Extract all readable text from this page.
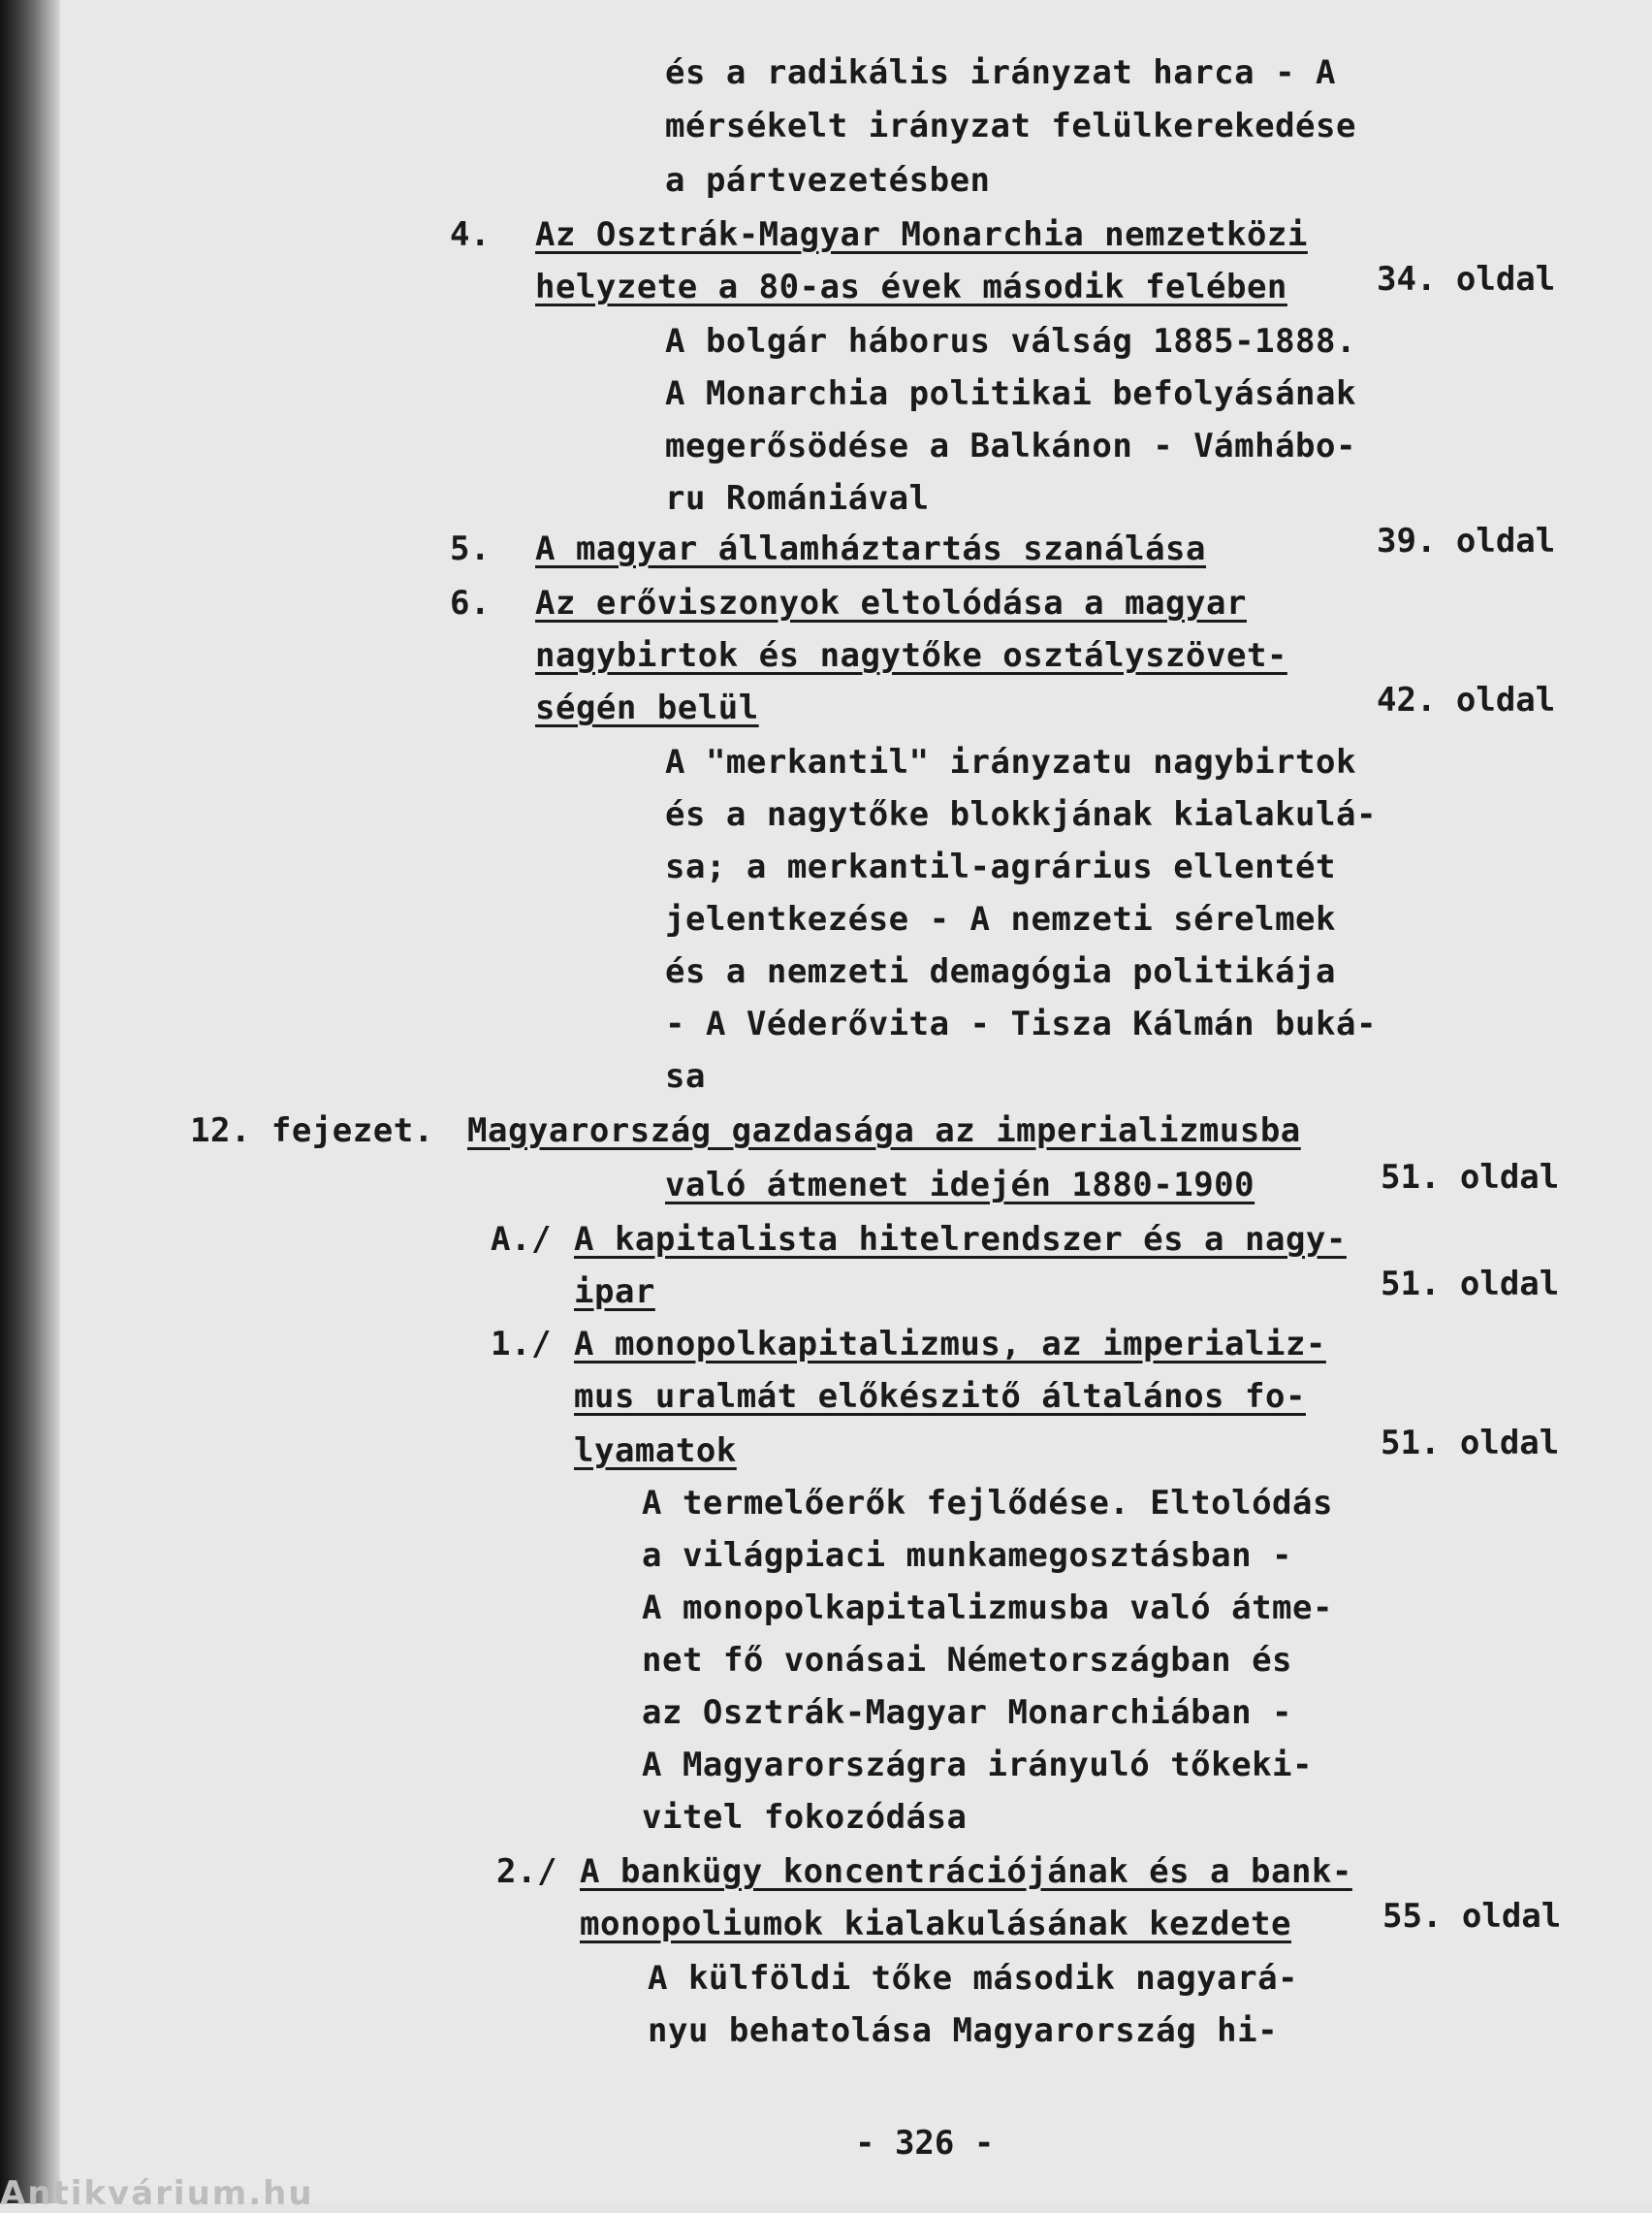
és a radikális irányzat harca - A
mérsékelt irányzat felülkerekedése
a pártvezetésben
4. Az Osztrák-Magyar Monarchia nemzetközi
helyzete a 80-as évek második felében	34. oldal
A bolgár háborus válság 1885-1888.
A Monarchia politikai befolyásának
megerősödése a Balkánon - Vámhábo-
ru Romániával
5. A magyar államháztartás szanálása	39. oldal
6. Az erőviszonyok eltolódása a magyar
nagybirtok és nagytőke osztályszövet-
ségén belül	42. oldal
A "merkantil" irányzatu nagybirtok
és a nagytőke blokkjának kialakulá-
sa; a merkantil-agrárius ellentét
jelentkezése - A nemzeti sérelmek
és a nemzeti demagógia politikája
- A Véderővita - Tisza Kálmán buká-
sa
12. fejezet. Magyarország gazdasága az imperializmusba
való átmenet idején 1880-1900	51. oldal
A./ A kapitalista hitelrendszer és a nagy-
ipar	51. oldal
1./ A monopolkapitalizmus, az imperializ-
mus uralmát előkészitő általános fo-
lyamatok	51. oldal
A termelőerők fejlődése. Eltolódás
a világpiaci munkamegosztásban -
A monopolkapitalizmusba való átme-
net fő vonásai Németországban és
az Osztrák-Magyar Monarchiában -
A Magyarországra irányuló tőkeki-
vitel fokozódása
2./ A bankügy koncentrációjának és a bank-
monopoliumok kialakulásának kezdete	55. oldal
A külföldi tőke második nagyará-
nyu behatolása Magyarország hi-
- 326 -
Antikvárium.hu
